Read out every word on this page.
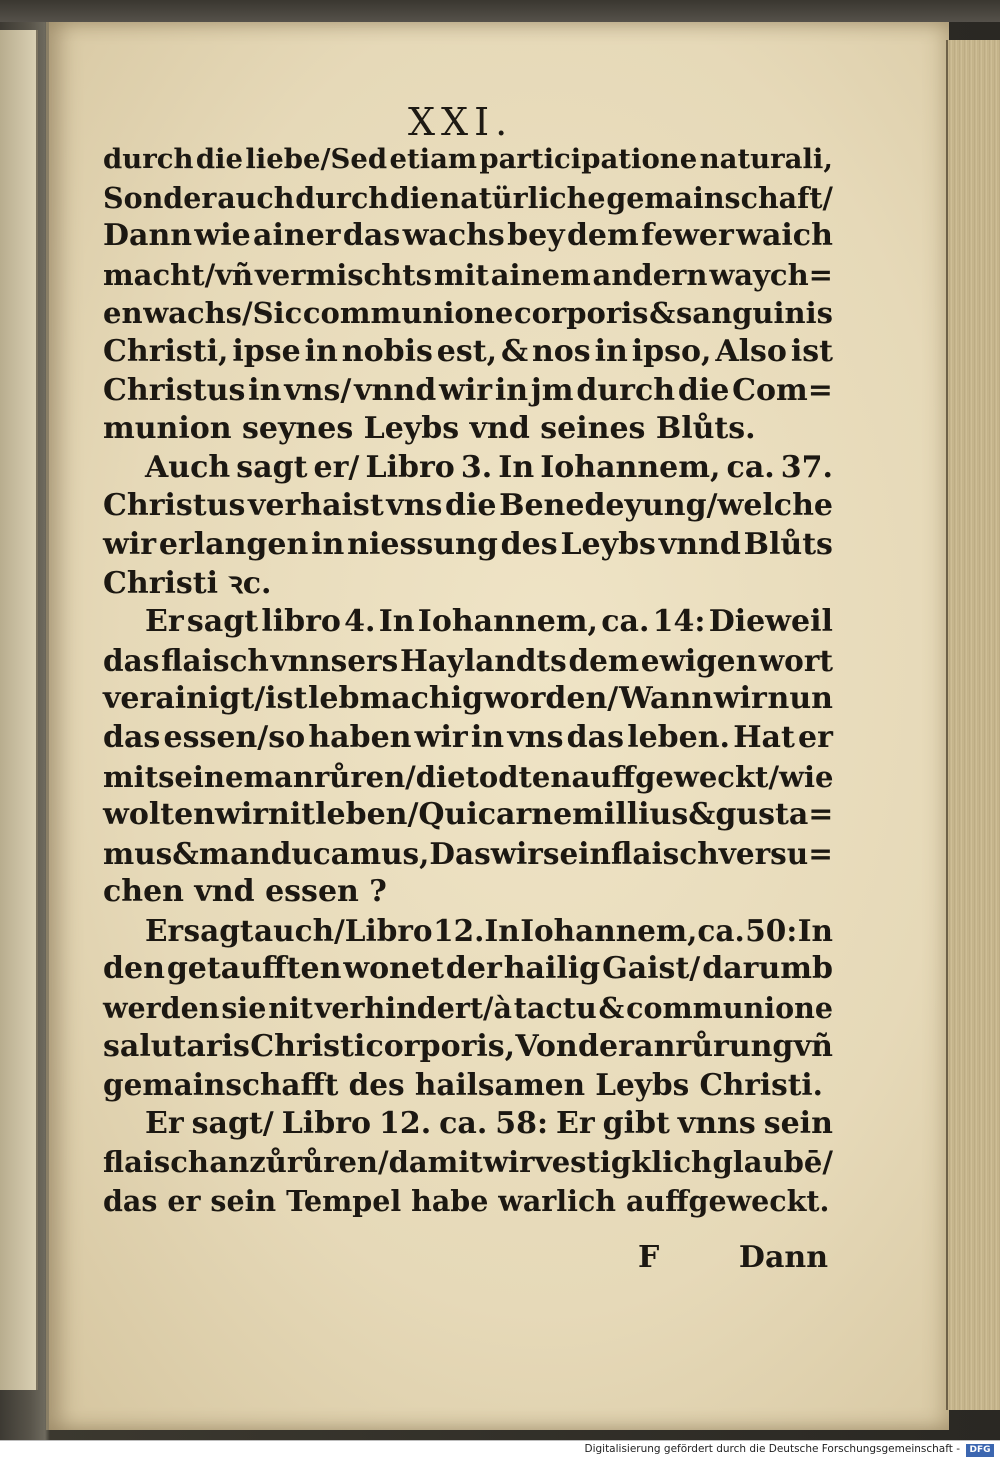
XXI.
durch die liebe/Sed etiam participatione naturali,
Sonder auch durch die natürliche gemainschaft/
Dann wie ainer das wachs bey dem fewer waich
macht/vñ vermischts mit ainem andern waych=
en wachs/Sic communione corporis & sanguinis
Christi, ipse in nobis est, & nos in ipso, Also ist
Christus in vns/ vnnd wir in jm durch die Com=
munion seynes Leybs vnd seines Blůts.
Auch sagt er/ Libro 3. In Iohannem, ca. 37.
Christus verhaist vns die Benedeyung/welche
wir erlangen in niessung des Leybs vnnd Blůts
Christi ꝛc.
Er sagt libro 4. In Iohannem, ca. 14: Dieweil
das flaisch vnnsers Haylandts dem ewigen wort
verainigt/ist lebmachig worden/ Wann wir nun
das essen/so haben wir in vns das leben. Hat er
mit seinem anrůren/die todten auff geweckt/wie
wolten wir nit leben/Qui carnem illius & gusta=
mus & manducamus, Das wir sein flaisch versu=
chen vnd essen ?
Er sagt auch/Libro 12.In Iohannem,ca. 50: In
den getaufften wonet der hailig Gaist/ darumb
werden sie nit verhindert/à tactu & communione
salutaris Christi corporis, Von der anrůrung vñ
gemainschafft des hailsamen Leybs Christi.
Er sagt/ Libro 12. ca. 58: Er gibt vnns sein
flaisch anzůrůren/damit wir vestigklich glaubē/
das er sein Tempel habe warlich auffgeweckt.
F	Dann
Digitalisierung gefördert durch die Deutsche Forschungsgemeinschaft -	DFG
